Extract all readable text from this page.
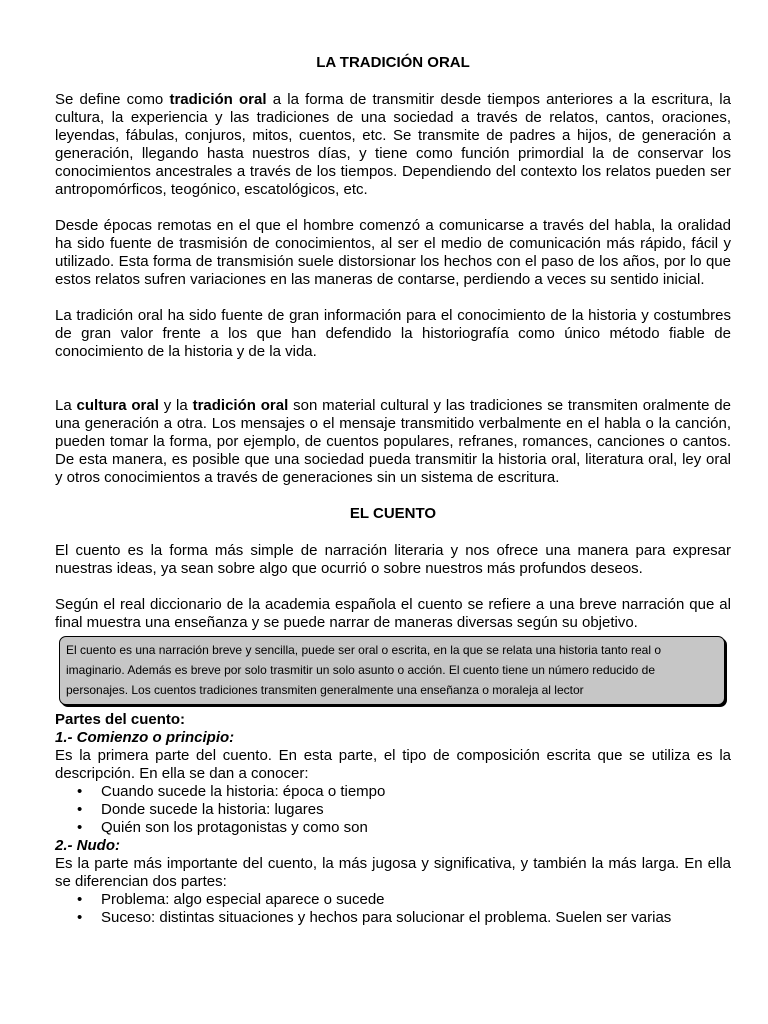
LA TRADICIÓN ORAL

Se define como tradición oral a la forma de transmitir desde tiempos anteriores a la escritura, la cultura, la experiencia y las tradiciones de una sociedad a través de relatos, cantos, oraciones, leyendas, fábulas, conjuros, mitos, cuentos, etc. Se transmite de padres a hijos, de generación a generación, llegando hasta nuestros días, y tiene como función primordial la de conservar los conocimientos ancestrales a través de los tiempos. Dependiendo del contexto los relatos pueden ser antropomórficos, teogónico, escatológicos, etc.

Desde épocas remotas en el que el hombre comenzó a comunicarse a través del habla, la oralidad ha sido fuente de trasmisión de conocimientos, al ser el medio de comunicación más rápido, fácil y utilizado. Esta forma de transmisión suele distorsionar los hechos con el paso de los años, por lo que estos relatos sufren variaciones en las maneras de contarse, perdiendo a veces su sentido inicial.

La tradición oral ha sido fuente de gran información para el conocimiento de la historia y costumbres de gran valor frente a los que han defendido la historiografía como único método fiable de conocimiento de la historia y de la vida.

La cultura oral y la tradición oral son material cultural y las tradiciones se transmiten oralmente de una generación a otra. Los mensajes o el mensaje transmitido verbalmente en el habla o la canción, pueden tomar la forma, por ejemplo, de cuentos populares, refranes, romances, canciones o cantos. De esta manera, es posible que una sociedad pueda transmitir la historia oral, literatura oral, ley oral y otros conocimientos a través de generaciones sin un sistema de escritura.

EL CUENTO

El cuento es la forma más simple de narración literaria y nos ofrece una manera para expresar nuestras ideas, ya sean sobre algo que ocurrió o sobre nuestros más profundos deseos.

Según el real diccionario de la academia española el cuento se refiere a una breve narración que al final muestra una enseñanza y se puede narrar de maneras diversas según su objetivo.

El cuento es una narración breve y sencilla, puede ser oral o escrita, en la que se relata una historia tanto real o imaginario. Además es breve por solo trasmitir un solo asunto o acción. El cuento tiene un número reducido de personajes. Los cuentos tradiciones transmiten generalmente una enseñanza o moraleja al lector
Partes del cuento:
1.- Comienzo o principio:

Es la primera parte del cuento. En esta parte, el tipo de composición escrita que se utiliza es la descripción. En ella se dan a conocer:

• Cuando sucede la historia: época o tiempo
• Donde sucede la historia: lugares
• Quién son los protagonistas y como son
2.- Nudo:

Es la parte más importante del cuento, la más jugosa y significativa, y también la más larga. En ella se diferencian dos partes:

• Problema: algo especial aparece o sucede
• Suceso: distintas situaciones y hechos para solucionar el problema. Suelen ser varias
